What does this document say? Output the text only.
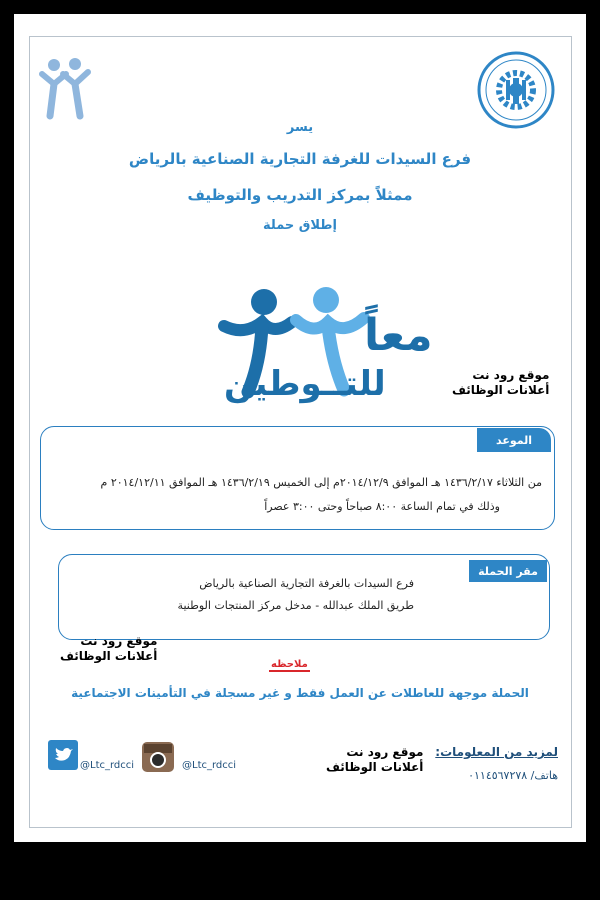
يسر
فرع السيدات للغرفة التجارية الصناعية بالرياض
ممثلاً بمركز التدريب والتوظيف
إطلاق حملة
معاً
للتــوطين	موقع رود نت
أعلانات الوظائف
الموعد
من الثلاثاء ١٤٣٦/٢/١٧ هـ الموافق ٢٠١٤/١٢/٩م إلى الخميس ١٤٣٦/٢/١٩ هـ الموافق ٢٠١٤/١٢/١١ م
وذلك في تمام الساعة ٨:٠٠ صباحاً وحتى ٣:٠٠ عصراً
مقر الحملة
فرع السيدات بالغرفة التجارية الصناعية بالرياض
طريق الملك عبدالله - مدخل مركز المنتجات الوطنية
موقع رود نت
أعلانات الوظائف
ملاحظه
الحملة موجهة للعاطلات عن العمل فقط و غير مسجلة في التأمينات الاجتماعية
@Ltc_rdcci	@Ltc_rdcci
موقع رود نت
أعلانات الوظائف
لمزيد من المعلومات:
هاتف/ ٠١١٤٥٦٧٢٧٨
